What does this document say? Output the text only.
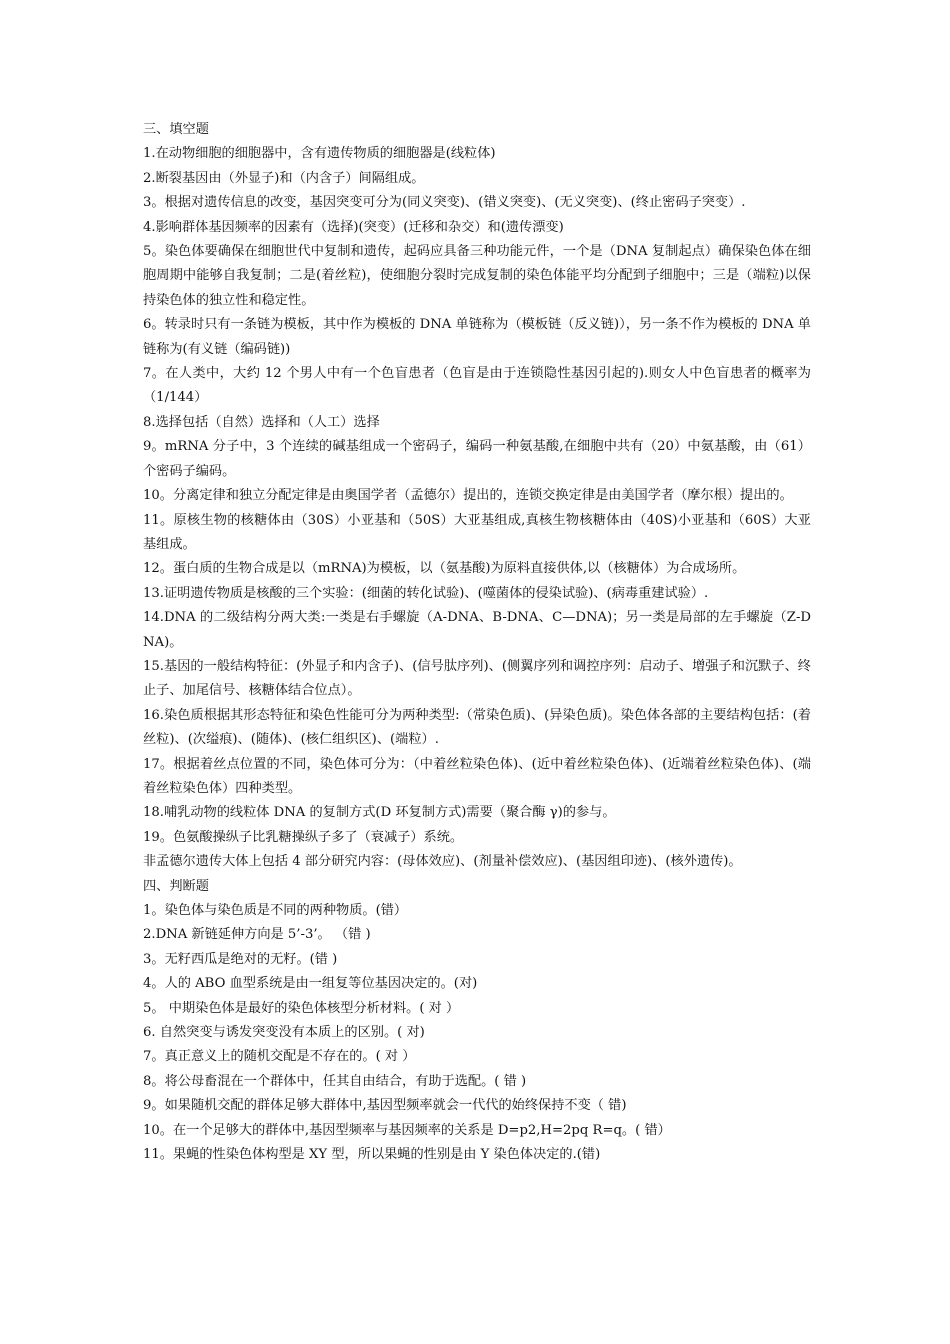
三、填空题

1.在动物细胞的细胞器中，含有遗传物质的细胞器是(线粒体)

2.断裂基因由（外显子)和（内含子）间隔组成。

3。根据对遗传信息的改变，基因突变可分为(同义突变)、(错义突变)、(无义突变)、(终止密码子突变）.

4.影响群体基因频率的因素有（选择)(突变）(迁移和杂交）和(遗传漂变)

5。染色体要确保在细胞世代中复制和遗传，起码应具备三种功能元件，一个是（DNA 复制起点）确保染色体在细胞周期中能够自我复制；二是(着丝粒)，使细胞分裂时完成复制的染色体能平均分配到子细胞中；三是（端粒)以保持染色体的独立性和稳定性。

6。转录时只有一条链为模板，其中作为模板的 DNA 单链称为（模板链（反义链)），另一条不作为模板的 DNA 单链称为(有义链（编码链))

7。在人类中，大约 12 个男人中有一个色盲患者（色盲是由于连锁隐性基因引起的).则女人中色盲患者的概率为（1/144）

8.选择包括（自然）选择和（人工）选择

9。mRNA 分子中，3 个连续的碱基组成一个密码子，编码一种氨基酸,在细胞中共有（20）中氨基酸，由（61）个密码子编码。

10。分离定律和独立分配定律是由奥国学者（孟德尔）提出的，连锁交换定律是由美国学者（摩尔根）提出的。

11。原核生物的核糖体由（30S）小亚基和（50S）大亚基组成,真核生物核糖体由（40S)小亚基和（60S）大亚基组成。

12。蛋白质的生物合成是以（mRNA)为模板，以（氨基酸)为原料直接供体,以（核糖体）为合成场所。

13.证明遗传物质是核酸的三个实验：(细菌的转化试验)、(噬菌体的侵染试验)、(病毒重建试验）.

14.DNA 的二级结构分两大类:一类是右手螺旋（A-DNA、B-DNA、C—DNA)；另一类是局部的左手螺旋（Z-DNA)。

15.基因的一般结构特征：(外显子和内含子)、(信号肽序列)、(侧翼序列和调控序列：启动子、增强子和沉默子、终止子、加尾信号、核糖体结合位点）。

16.染色质根据其形态特征和染色性能可分为两种类型:（常染色质)、(异染色质)。染色体各部的主要结构包括：(着丝粒)、(次缢痕)、(随体)、(核仁组织区)、(端粒）.

17。根据着丝点位置的不同，染色体可分为：（中着丝粒染色体)、(近中着丝粒染色体)、(近端着丝粒染色体)、(端着丝粒染色体）四种类型。

18.哺乳动物的线粒体 DNA 的复制方式(D 环复制方式)需要（聚合酶 γ)的参与。

19。色氨酸操纵子比乳糖操纵子多了（衰减子）系统。

非孟德尔遗传大体上包括 4 部分研究内容：(母体效应)、(剂量补偿效应)、(基因组印迹)、(核外遗传)。

四、判断题

1。染色体与染色质是不同的两种物质。(错）

2.DNA 新链延伸方向是 5’-3’。 （错 )

3。无籽西瓜是绝对的无籽。(错 )

4。人的 ABO 血型系统是由一组复等位基因决定的。(对)

5。 中期染色体是最好的染色体核型分析材料。( 对 ）

6. 自然突变与诱发突变没有本质上的区别。( 对)

7。真正意义上的随机交配是不存在的。( 对 ）

8。将公母畜混在一个群体中，任其自由结合，有助于选配。( 错 )

9。如果随机交配的群体足够大群体中,基因型频率就会一代代的始终保持不变（ 错)

10。在一个足够大的群体中,基因型频率与基因频率的关系是 D=p2,H=2pq R=q。( 错）

11。果蝇的性染色体构型是 XY 型，所以果蝇的性别是由 Y 染色体决定的.(错)
